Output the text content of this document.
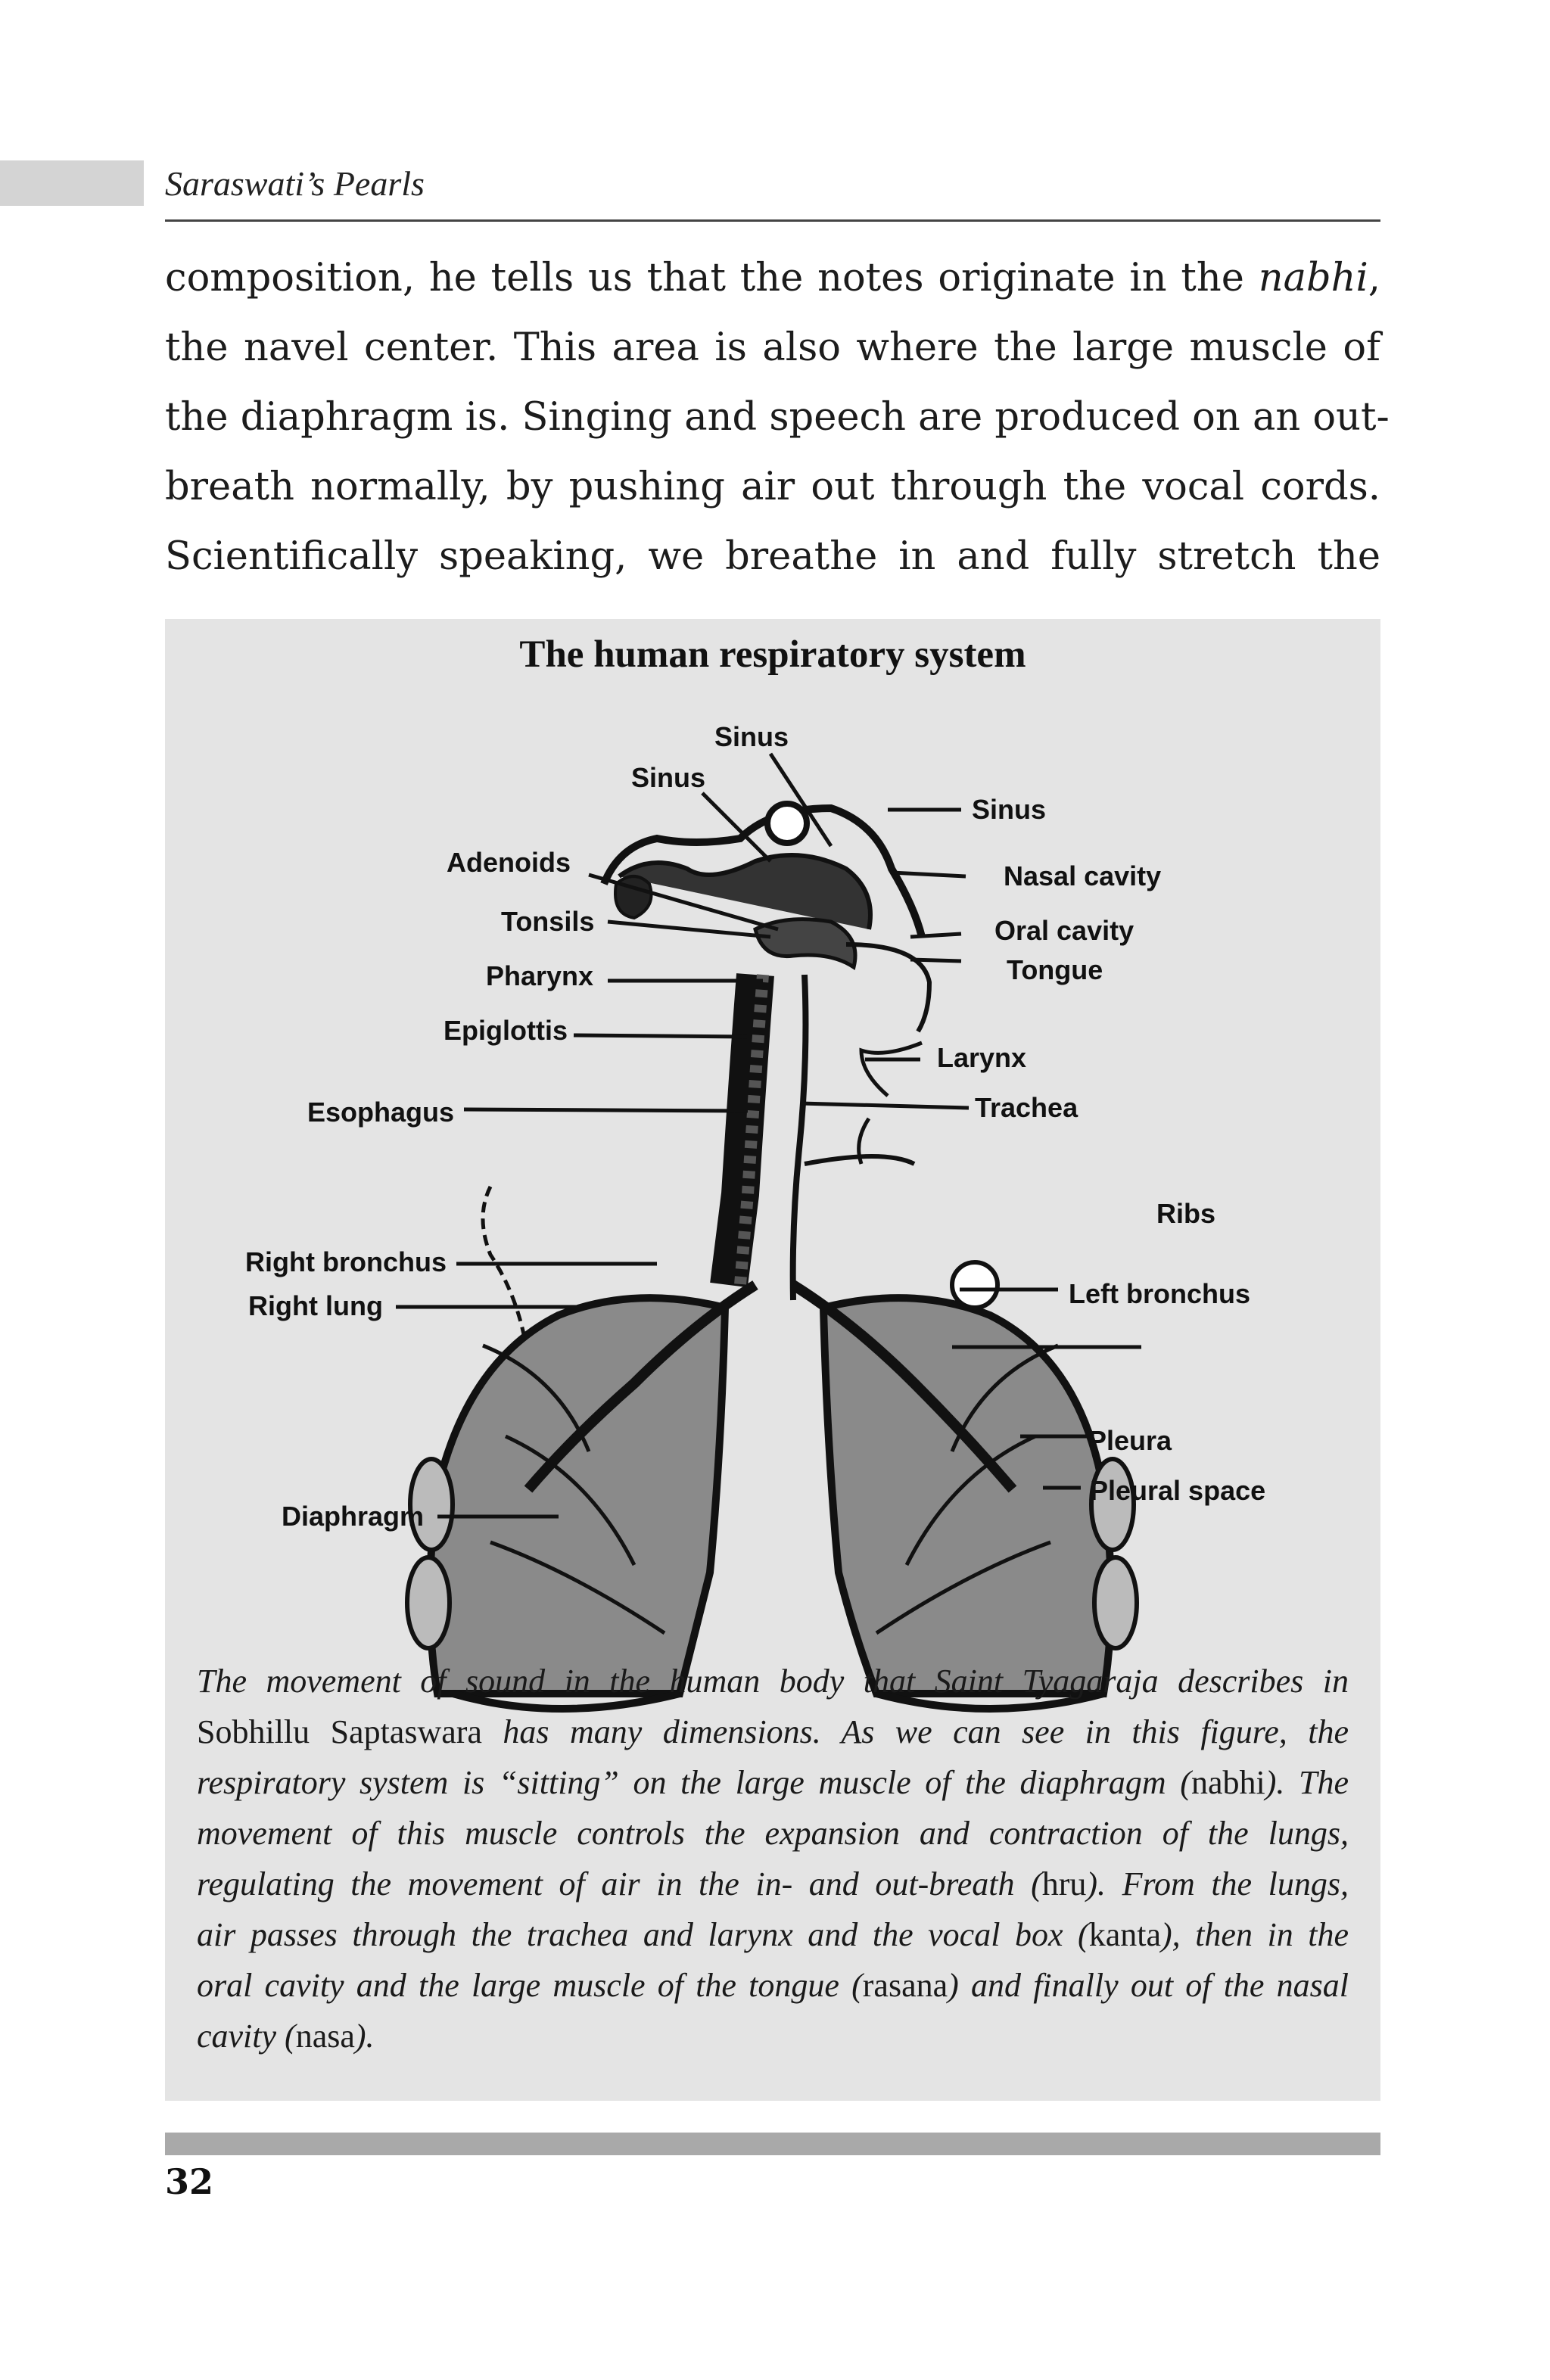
Saraswati’s Pearls
composition, he tells us that the notes originate in the nabhi,
the navel center. This area is also where the large muscle of
the diaphragm is. Singing and speech are produced on an out-
breath normally, by pushing air out through the vocal cords.
Scientifically speaking, we breathe in and fully stretch the
The human respiratory system
Sinus
Sinus
Sinus
Adenoids	Nasal cavity
Tonsils	Oral cavity
Pharynx	Tongue
Epiglottis
Larynx
Esophagus	Trachea
Ribs
Right bronchus
Left bronchus
Right lung
Pleura
Pleural space
Diaphragm
The movement of sound in the human body that Saint Tyagaraja describes in
Sobhillu Saptaswara has many dimensions. As we can see in this figure, the
respiratory system is “sitting” on the large muscle of the diaphragm (nabhi). The
movement of this muscle controls the expansion and contraction of the lungs,
regulating the movement of air in the in- and out-breath (hru). From the lungs,
air passes through the trachea and larynx and the vocal box (kanta), then in the
oral cavity and the large muscle of the tongue (rasana) and finally out of the nasal
cavity (nasa).
32
